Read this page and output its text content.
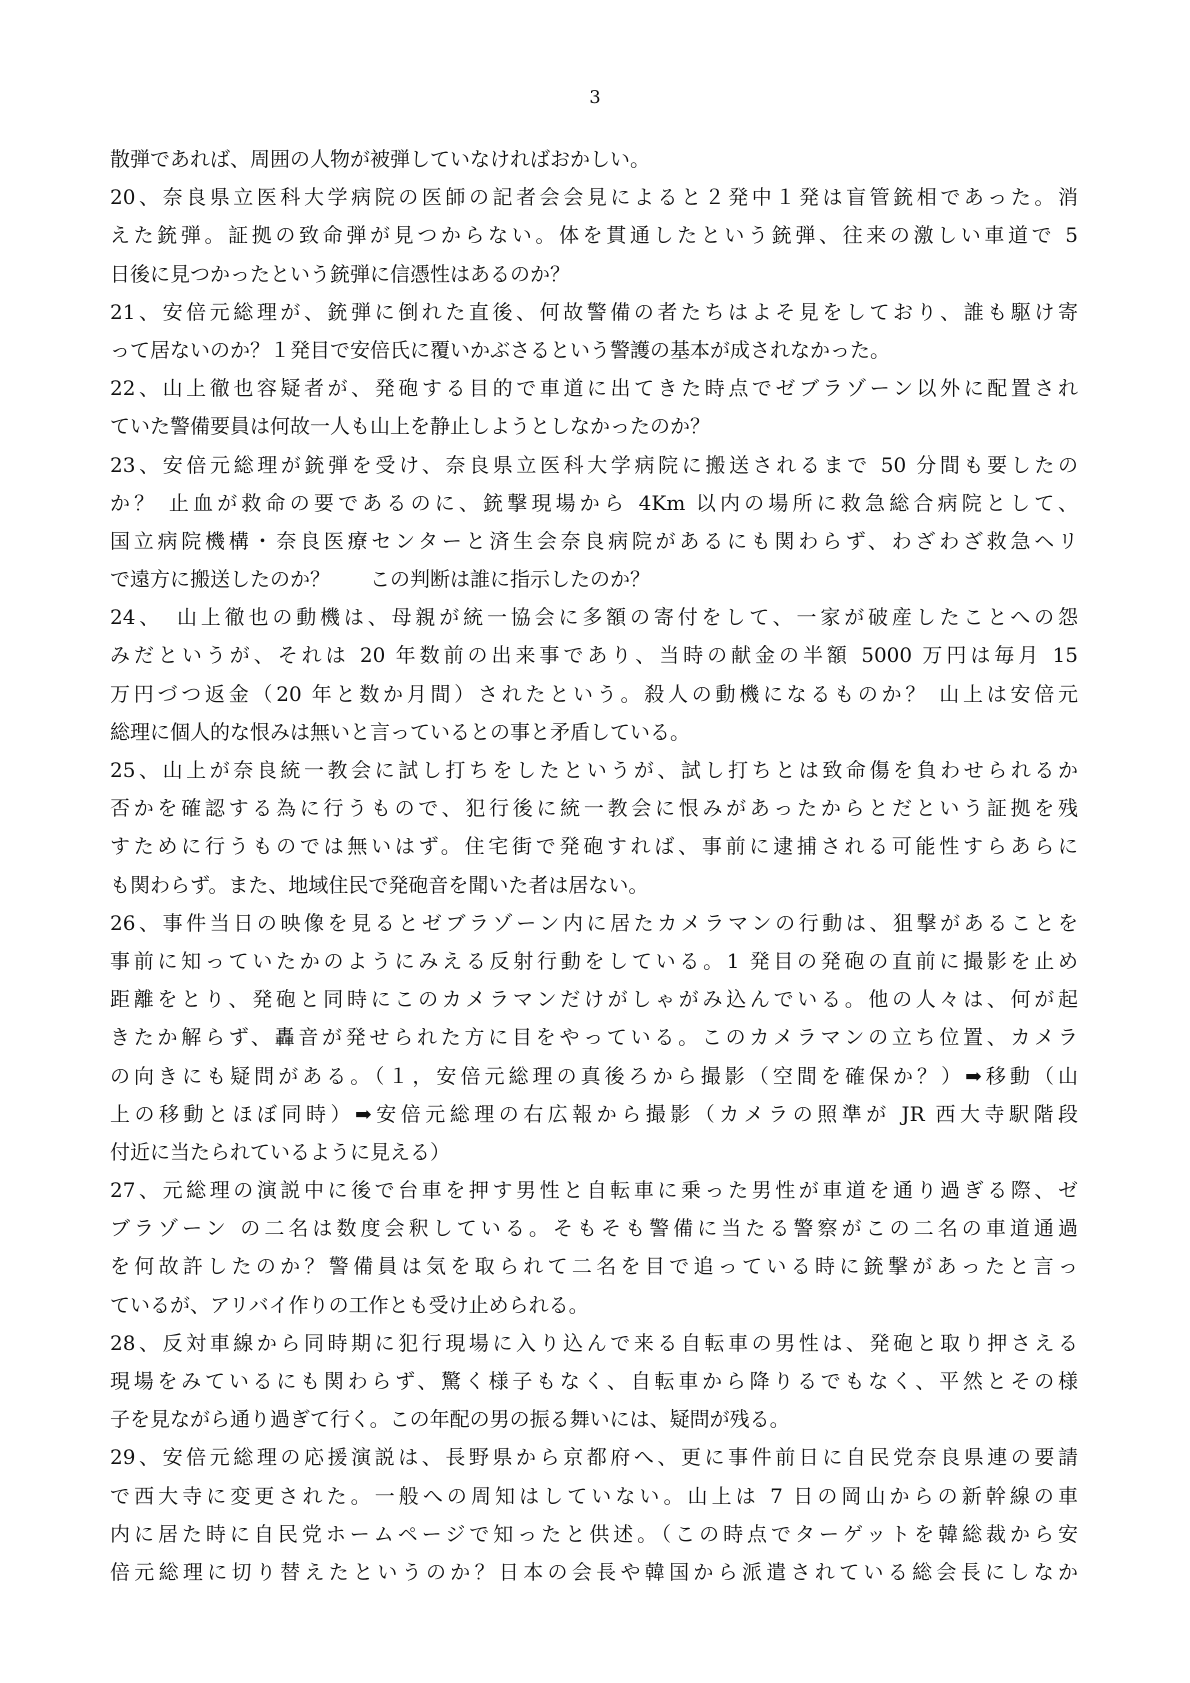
3
散弾であれば、周囲の人物が被弾していなければおかしい。
20、奈良県立医科大学病院の医師の記者会会見によると２発中１発は盲管銃相であった。消
えた銃弾。証拠の致命弾が見つからない。体を貫通したという銃弾、往来の激しい車道で 5
日後に見つかったという銃弾に信憑性はあるのか？
21、安倍元総理が、銃弾に倒れた直後、何故警備の者たちはよそ見をしており、誰も駆け寄
って居ないのか？１発目で安倍氏に覆いかぶさるという警護の基本が成されなかった。
22、山上徹也容疑者が、発砲する目的で車道に出てきた時点でゼブラゾーン以外に配置され
ていた警備要員は何故一人も山上を静止しようとしなかったのか？
23、安倍元総理が銃弾を受け、奈良県立医科大学病院に搬送されるまで 50 分間も要したの
か？ 止血が救命の要であるのに、銃撃現場から 4Km 以内の場所に救急総合病院として、
国立病院機構・奈良医療センターと済生会奈良病院があるにも関わらず、わざわざ救急ヘリ
で遠方に搬送したのか？　　この判断は誰に指示したのか？
24、　山上徹也の動機は、母親が統一協会に多額の寄付をして、一家が破産したことへの怨
みだというが、それは 20 年数前の出来事であり、当時の献金の半額 5000 万円は毎月 15
万円づつ返金（20 年と数か月間）されたという。殺人の動機になるものか？ 山上は安倍元
総理に個人的な恨みは無いと言っているとの事と矛盾している。
25、山上が奈良統一教会に試し打ちをしたというが、試し打ちとは致命傷を負わせられるか
否かを確認する為に行うもので、犯行後に統一教会に恨みがあったからとだという証拠を残
すために行うものでは無いはず。住宅街で発砲すれば、事前に逮捕される可能性すらあらに
も関わらず。また、地域住民で発砲音を聞いた者は居ない。
26、事件当日の映像を見るとゼブラゾーン内に居たカメラマンの行動は、狙撃があることを
事前に知っていたかのようにみえる反射行動をしている。1 発目の発砲の直前に撮影を止め
距離をとり、発砲と同時にこのカメラマンだけがしゃがみ込んでいる。他の人々は、何が起
きたか解らず、轟音が発せられた方に目をやっている。このカメラマンの立ち位置、カメラ
の向きにも疑問がある。（１，安倍元総理の真後ろから撮影（空間を確保か？）➡移動（山
上の移動とほぼ同時）➡安倍元総理の右広報から撮影（カメラの照準が JR 西大寺駅階段
付近に当たられているように見える）
27、元総理の演説中に後で台車を押す男性と自転車に乗った男性が車道を通り過ぎる際、ゼ
ブラゾーン の二名は数度会釈している。そもそも警備に当たる警察がこの二名の車道通過
を何故許したのか？警備員は気を取られて二名を目で追っている時に銃撃があったと言っ
ているが、アリバイ作りの工作とも受け止められる。
28、反対車線から同時期に犯行現場に入り込んで来る自転車の男性は、発砲と取り押さえる
現場をみているにも関わらず、驚く様子もなく、自転車から降りるでもなく、平然とその様
子を見ながら通り過ぎて行く。この年配の男の振る舞いには、疑問が残る。
29、安倍元総理の応援演説は、長野県から京都府へ、更に事件前日に自民党奈良県連の要請
で西大寺に変更された。一般への周知はしていない。山上は 7 日の岡山からの新幹線の車
内に居た時に自民党ホームページで知ったと供述。（この時点でターゲットを韓総裁から安
倍元総理に切り替えたというのか？日本の会長や韓国から派遣されている総会長にしなか
